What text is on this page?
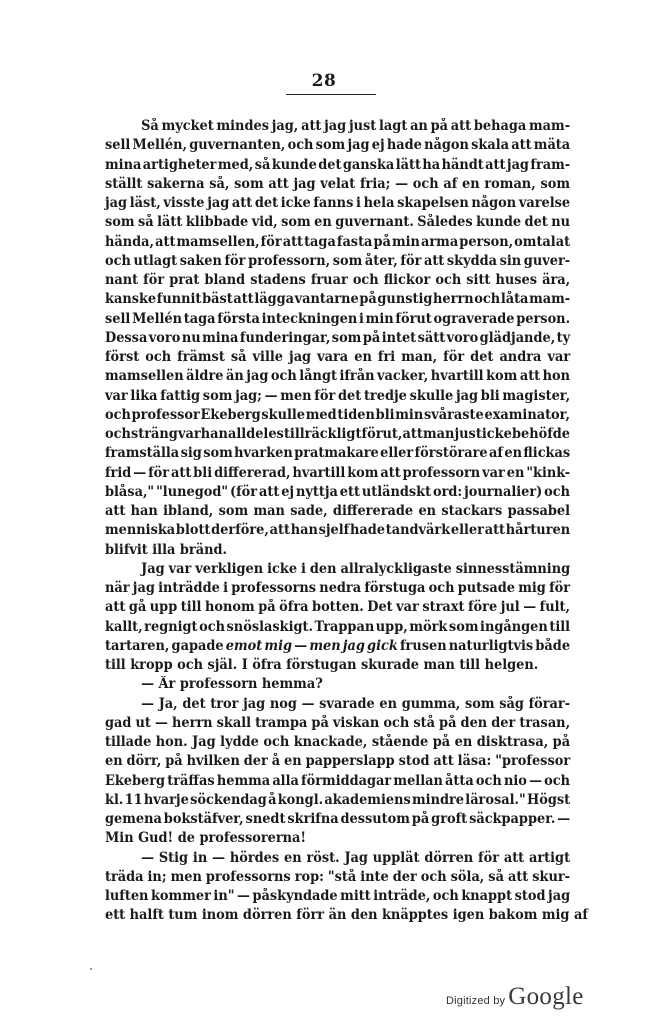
28
Så mycket mindes jag, att jag just lagt an på att behaga mam-
sell Mellén, guvernanten, och som jag ej hade någon skala att mäta
mina artigheter med, så kunde det ganska lätt ha händt att jag fram-
ställt sakerna så, som att jag velat fria; — och af en roman, som
jag läst, visste jag att det icke fanns i hela skapelsen någon varelse
som så lätt klibbade vid, som en guvernant. Således kunde det nu
hända, att mamsellen, för att taga fasta på min arma person, omtalat
och utlagt saken för professorn, som åter, för att skydda sin guver-
nant för prat bland stadens fruar och flickor och sitt huses ära,
kanske funnit bäst att lägga vantarne på gunstig herrn och låta mam-
sell Mellén taga första inteckningen i min förut ograverade person.
Dessa voro nu mina funderingar, som på intet sätt voro glädjande, ty
först och främst så ville jag vara en fri man, för det andra var
mamsellen äldre än jag och långt ifrån vacker, hvartill kom att hon
var lika fattig som jag; — men för det tredje skulle jag bli magister,
och professor Ekeberg skulle med tiden bli min svåraste examinator,
och sträng var han alldeles tillräckligt förut, att man just icke behöfde
framställa sig som hvarken pratmakare eller förstörare af en flickas
frid — för att bli differerad, hvartill kom att professorn var en "kink-
blåsa," "lunegod" (för att ej nyttja ett utländskt ord: journalier) och
att han ibland, som man sade, differerade en stackars passabel
menniska blott derföre, att han sjelf hade tandvärk eller att hårturen
blifvit illa bränd.
Jag var verkligen icke i den allralyckligaste sinnesstämning
när jag inträdde i professorns nedra förstuga och putsade mig för
att gå upp till honom på öfra botten. Det var straxt före jul — fult,
kallt, regnigt och snöslaskigt. Trappan upp, mörk som ingången till
tartaren, gapade emot mig — men jag gick frusen naturligtvis både
till kropp och själ. I öfra förstugan skurade man till helgen.
— Är professorn hemma?
— Ja, det tror jag nog — svarade en gumma, som såg förar-
gad ut — herrn skall trampa på viskan och stå på den der trasan,
tillade hon. Jag lydde och knackade, stående på en disktrasa, på
en dörr, på hvilken der å en papperslapp stod att läsa: "professor
Ekeberg träffas hemma alla förmiddagar mellan åtta och nio — och
kl. 11 hvarje söckendag å kongl. akademiens mindre lärosal." Högst
gemena bokstäfver, snedt skrifna dessutom på groft säckpapper. —
Min Gud! de professorerna!
— Stig in — hördes en röst. Jag upplät dörren för att artigt
träda in; men professorns rop: "stå inte der och söla, så att skur-
luften kommer in" — påskyndade mitt inträde, och knappt stod jag
ett halft tum inom dörren förr än den knäpptes igen bakom mig af
Digitized by Google
